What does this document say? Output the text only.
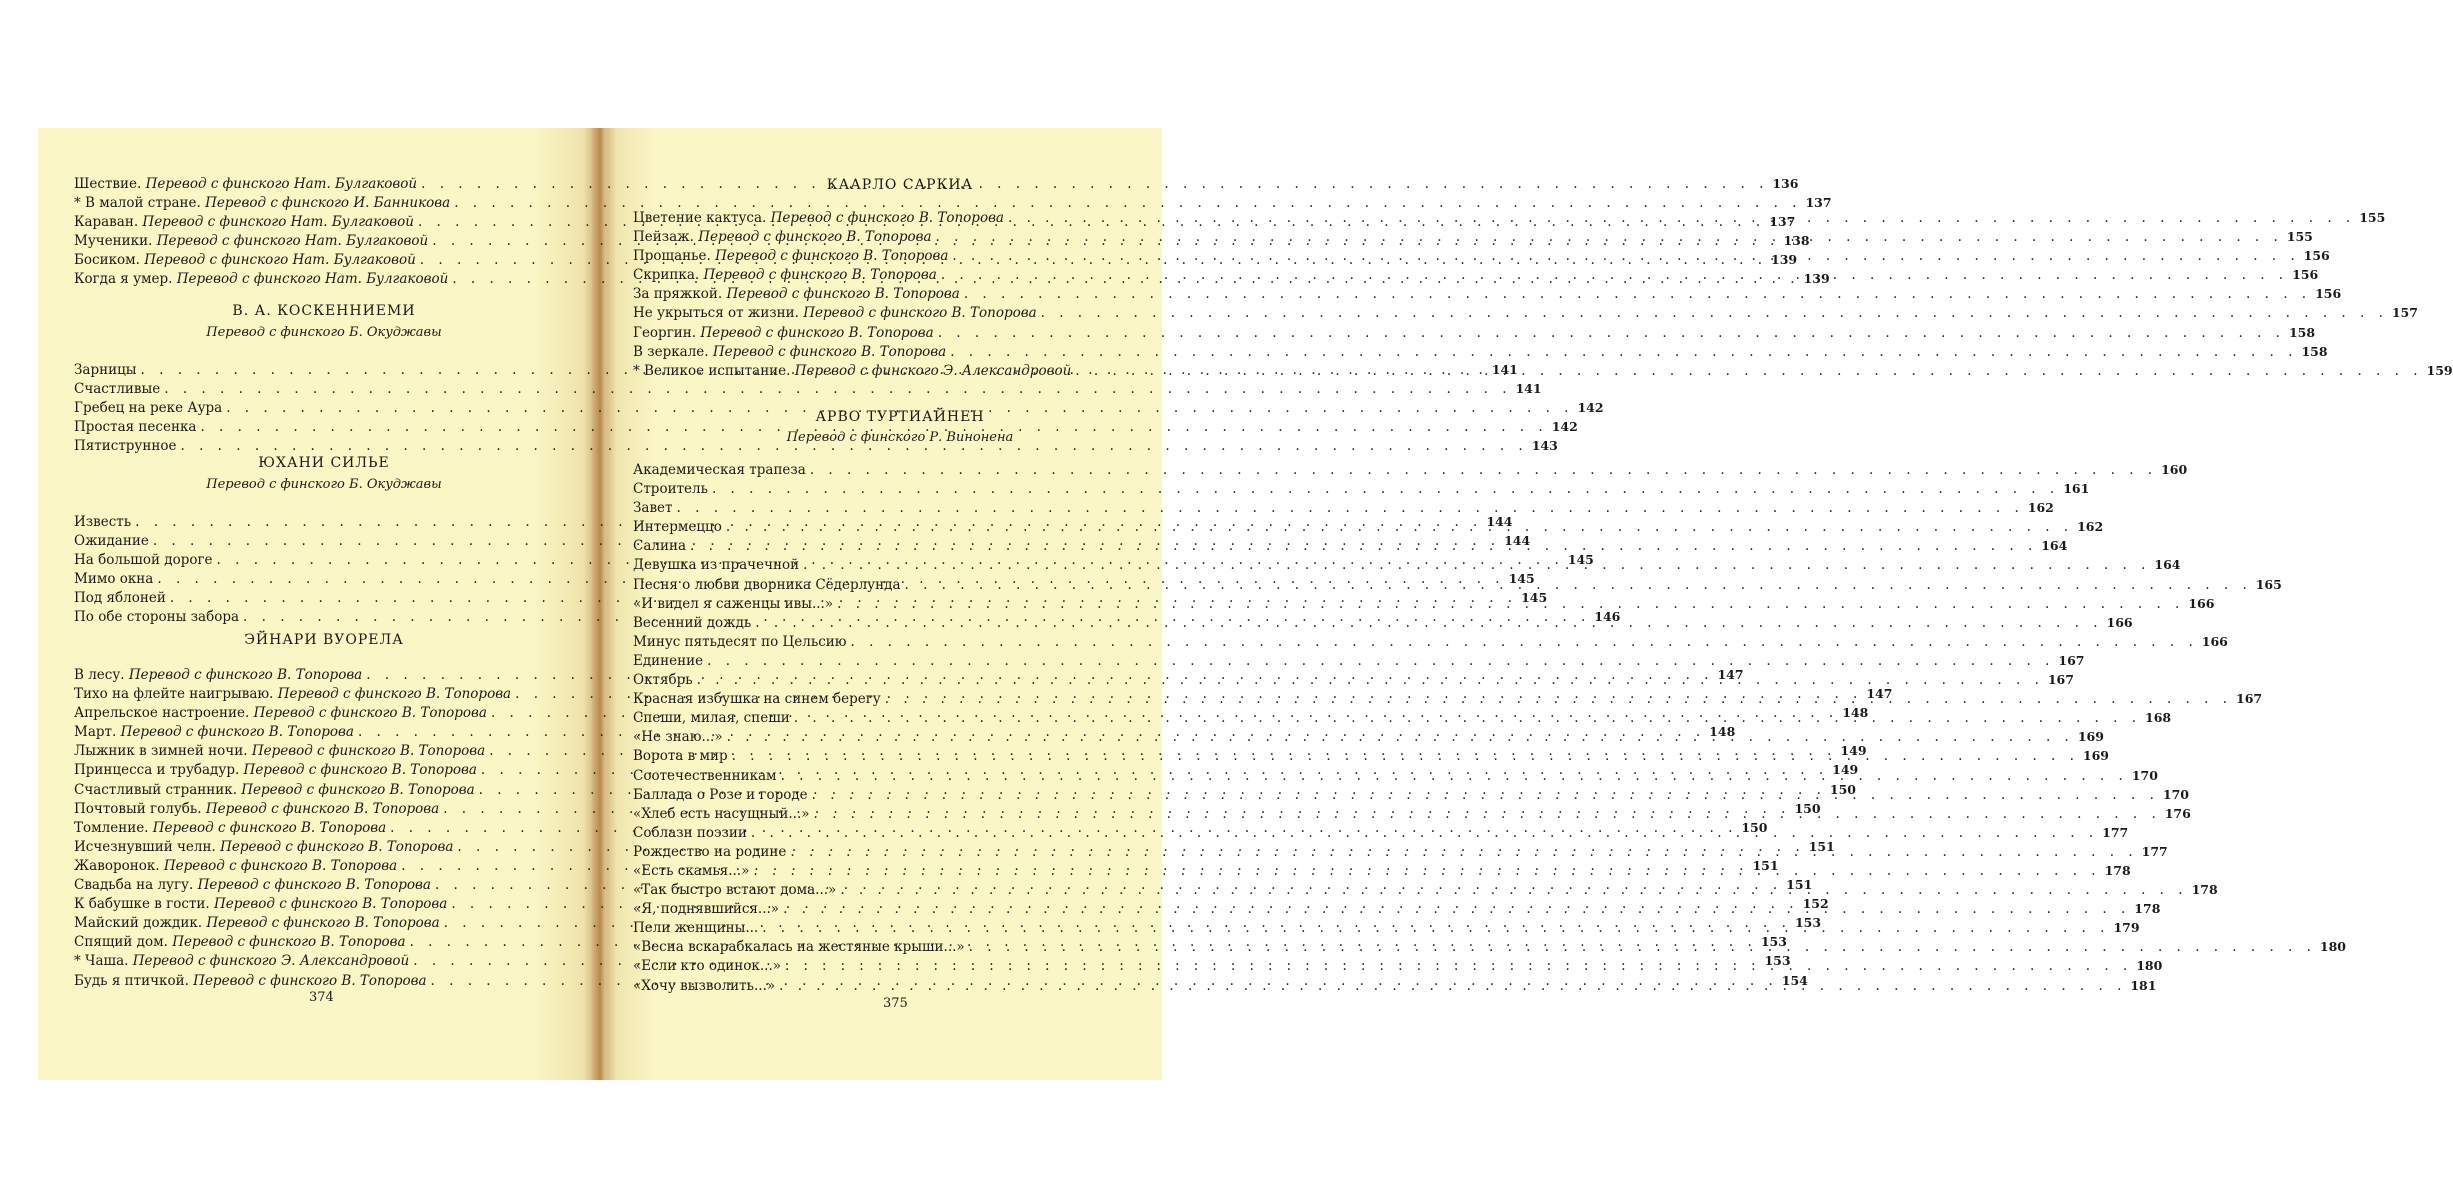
Шествие. Перевод с финского Нат. Булгаковой . . .	136
* В малой стране. Перевод с финского И. Банникова . . .	137
Караван. Перевод с финского Нат. Булгаковой . . .	137
Мученики. Перевод с финского Нат. Булгаковой . . .	138
Босиком. Перевод с финского Нат. Булгаковой . . .	139
Когда я умер. Перевод с финского Нат. Булгаковой . . .	139
В. А. КОСКЕННИЕМИ
Перевод с финского Б. Окуджавы
Зарницы . . .	141
Счастливые . . .	141
Гребец на реке Аура . . .	142
Простая песенка . . .	142
Пятиструнное . . .	143
ЮХАНИ СИЛЬЕ
Перевод с финского Б. Окуджавы
Известь . . .	144
Ожидание . . .	144
На большой дороге . . .	145
Мимо окна . . .	145
Под яблоней . . .	145
По обе стороны забора . . .	146
ЭЙНАРИ ВУОРЕЛА
В лесу. Перевод с финского В. Топорова . . .	147
Тихо на флейте наигрываю. Перевод с финского В. Топорова . . .	147
Апрельское настроение. Перевод с финского В. Топорова . . .	148
Март. Перевод с финского В. Топорова . . .	148
Лыжник в зимней ночи. Перевод с финского В. Топорова . . .	149
Принцесса и трубадур. Перевод с финского В. Топорова . . .	149
Счастливый странник. Перевод с финского В. Топорова . . .	150
Почтовый голубь. Перевод с финского В. Топорова . . .	150
Томление. Перевод с финского В. Топорова . . .	150
Исчезнувший челн. Перевод с финского В. Топорова . . .	151
Жаворонок. Перевод с финского В. Топорова . . .	151
Свадьба на лугу. Перевод с финского В. Топорова . . .	151
К бабушке в гости. Перевод с финского В. Топорова . . .	152
Майский дождик. Перевод с финского В. Топорова . . .	153
Спящий дом. Перевод с финского В. Топорова . . .	153
* Чаша. Перевод с финского Э. Александровой . . .	153
Будь я птичкой. Перевод с финского В. Топорова . . .	154
374
КААРЛО САРКИА
Цветение кактуса. Перевод с финского В. Топорова . . .	155
Пейзаж. Перевод с финского В. Топорова . . .	155
Прощанье. Перевод с финского В. Топорова . . .	156
Скрипка. Перевод с финского В. Топорова . . .	156
За пряжкой. Перевод с финского В. Топорова . . .	156
Не укрыться от жизни. Перевод с финского В. Топорова . . .	157
Георгин. Перевод с финского В. Топорова . . .	158
В зеркале. Перевод с финского В. Топорова . . .	158
* Великое испытание. Перевод с финского Э. Александровой . . .	159
АРВО ТУРТИАЙНЕН
Перевод с финского Р. Винонена
Академическая трапеза . . .	160
Строитель . . .	161
Завет . . .	162
Интермеццо . . .	162
Салина . . .	164
Девушка из прачечной . . .	164
Песня о любви дворника Сёдерлунда . . .	165
«И видел я саженцы ивы...» . . .	166
Весенний дождь . . .	166
Минус пятьдесят по Цельсию . . .	166
Единение . . .	167
Октябрь . . .	167
Красная избушка на синем берегу . . .	167
Спеши, милая, спеши . . .	168
«Не знаю...» . . .	169
Ворота в мир . . .	169
Соотечественникам . . .	170
Баллада о Розе и городе . . .	170
«Хлеб есть насущный...» . . .	176
Соблазн поэзии . . .	177
Рождество на родине . . .	177
«Есть скамья...» . . .	178
«Так быстро встают дома...» . . .	178
«Я, поднявшийся...» . . .	178
Пели женщины... . . .	179
«Весна вскарабкалась на жестяные крыши...» . . .	180
«Если кто одинок...» . . .	180
«Хочу вызволить...» . . .	181
375
